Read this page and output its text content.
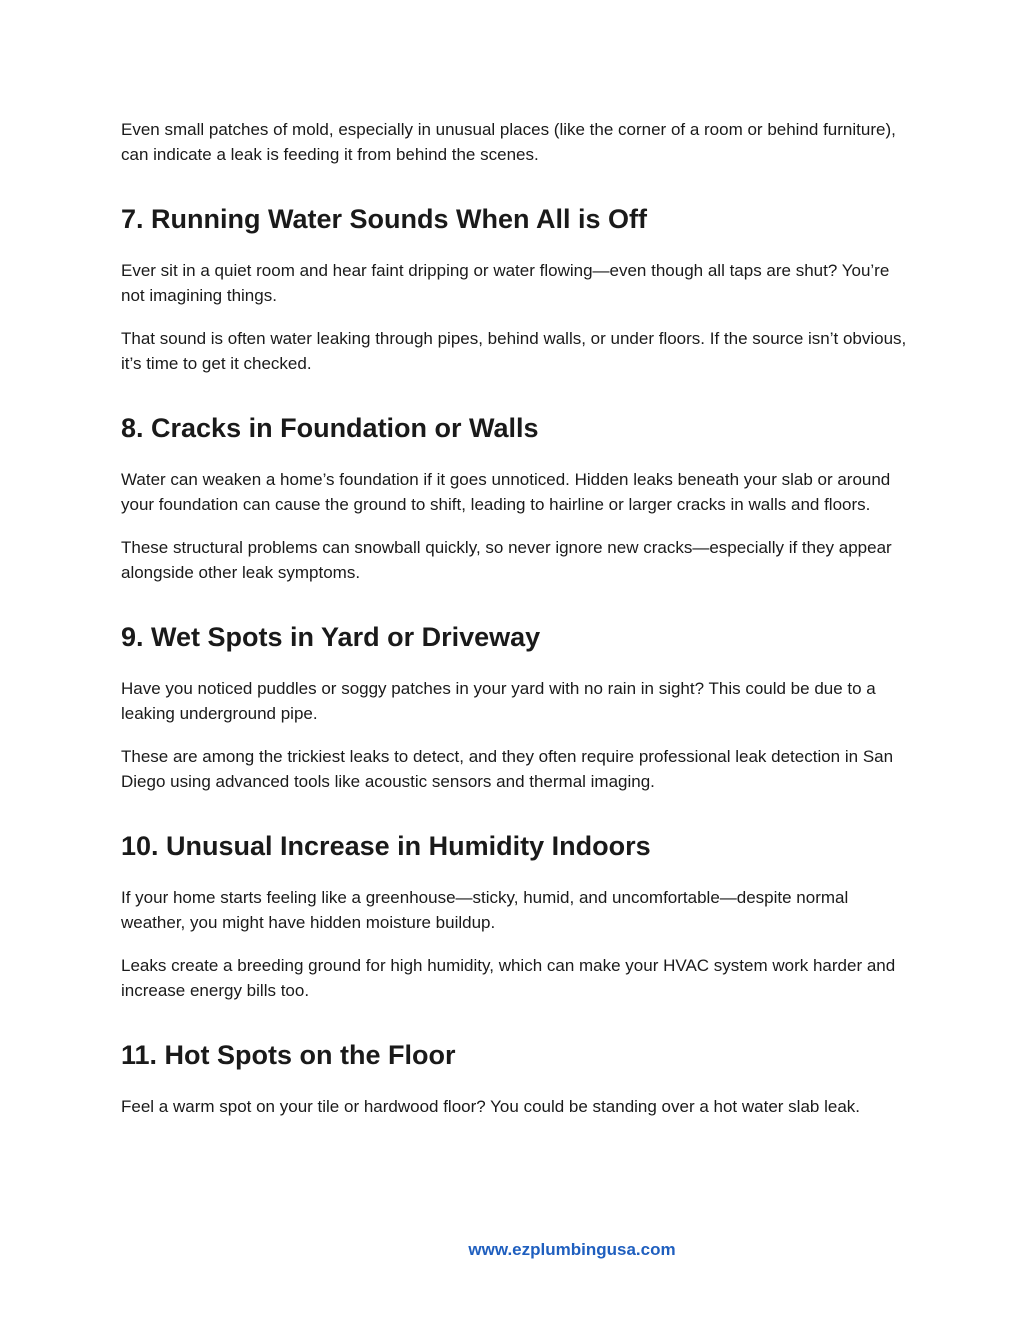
Even small patches of mold, especially in unusual places (like the corner of a room or behind furniture), can indicate a leak is feeding it from behind the scenes.

7. Running Water Sounds When All is Off

Ever sit in a quiet room and hear faint dripping or water flowing—even though all taps are shut? You’re not imagining things.

That sound is often water leaking through pipes, behind walls, or under floors. If the source isn’t obvious, it’s time to get it checked.

8. Cracks in Foundation or Walls

Water can weaken a home’s foundation if it goes unnoticed. Hidden leaks beneath your slab or around your foundation can cause the ground to shift, leading to hairline or larger cracks in walls and floors.

These structural problems can snowball quickly, so never ignore new cracks—especially if they appear alongside other leak symptoms.

9. Wet Spots in Yard or Driveway

Have you noticed puddles or soggy patches in your yard with no rain in sight? This could be due to a leaking underground pipe.

These are among the trickiest leaks to detect, and they often require professional leak detection in San Diego using advanced tools like acoustic sensors and thermal imaging.

10. Unusual Increase in Humidity Indoors

If your home starts feeling like a greenhouse—sticky, humid, and uncomfortable—despite normal weather, you might have hidden moisture buildup.

Leaks create a breeding ground for high humidity, which can make your HVAC system work harder and increase energy bills too.

11. Hot Spots on the Floor

Feel a warm spot on your tile or hardwood floor? You could be standing over a hot water slab leak.

www.ezplumbingusa.com
